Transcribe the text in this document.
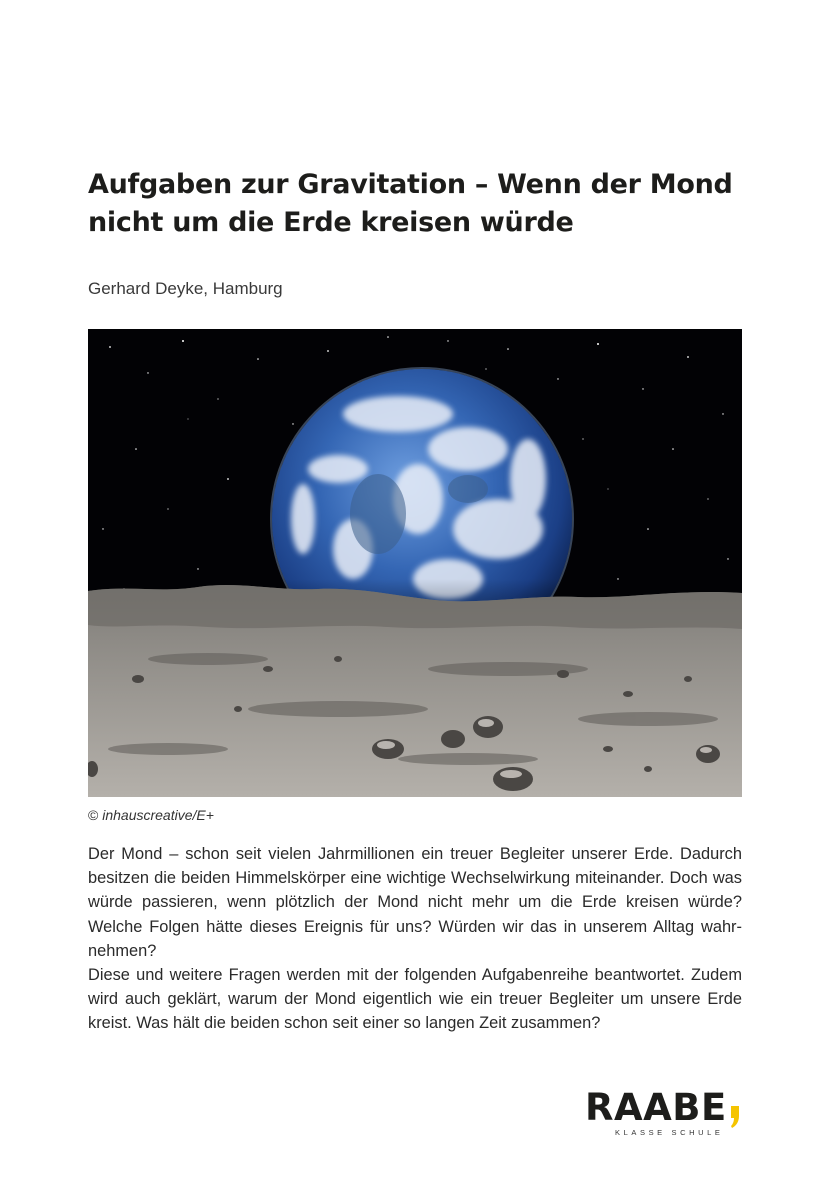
Aufgaben zur Gravitation – Wenn der Mond nicht um die Erde kreisen würde

Gerhard Deyke, Hamburg

© inhauscreative/E+

Der Mond – schon seit vielen Jahrmillionen ein treuer Begleiter unserer Erde. Dadurch besitzen die beiden Himmelskörper eine wichtige Wechselwirkung miteinander. Doch was würde passieren, wenn plötzlich der Mond nicht mehr um die Erde kreisen würde? Welche Folgen hätte dieses Ereignis für uns? Würden wir das in unserem Alltag wahrnehmen?

Diese und weitere Fragen werden mit der folgenden Aufgabenreihe beantwortet. Zudem wird auch geklärt, warum der Mond eigentlich wie ein treuer Begleiter um unsere Erde kreist. Was hält die beiden schon seit einer so langen Zeit zusammen?

RAABE
KLASSE SCHULE
